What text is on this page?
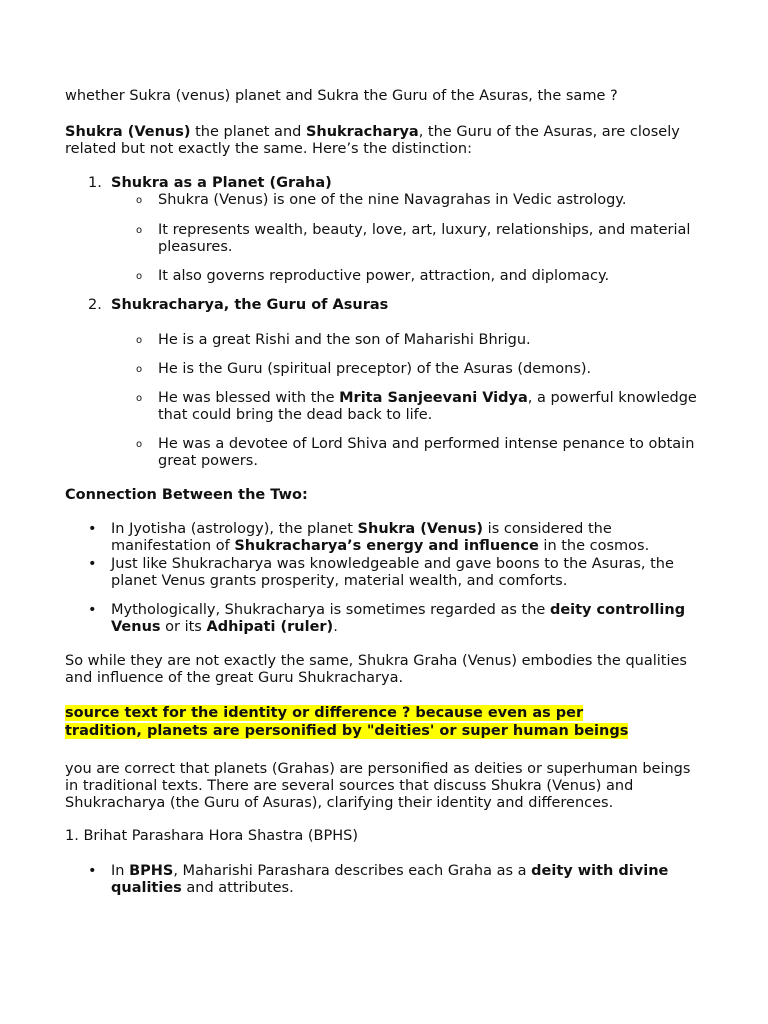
whether Sukra (venus) planet and Sukra the Guru of the Asuras, the same ?
Shukra (Venus) the planet and Shukracharya, the Guru of the Asuras, are closely related but not exactly the same. Here’s the distinction:
1. Shukra as a Planet (Graha)
o Shukra (Venus) is one of the nine Navagrahas in Vedic astrology.
o It represents wealth, beauty, love, art, luxury, relationships, and material pleasures.
o It also governs reproductive power, attraction, and diplomacy.
2. Shukracharya, the Guru of Asuras
o He is a great Rishi and the son of Maharishi Bhrigu.
o He is the Guru (spiritual preceptor) of the Asuras (demons).
o He was blessed with the Mrita Sanjeevani Vidya, a powerful knowledge that could bring the dead back to life.
o He was a devotee of Lord Shiva and performed intense penance to obtain great powers.
Connection Between the Two:
• In Jyotisha (astrology), the planet Shukra (Venus) is considered the manifestation of Shukracharya’s energy and influence in the cosmos.
• Just like Shukracharya was knowledgeable and gave boons to the Asuras, the planet Venus grants prosperity, material wealth, and comforts.
• Mythologically, Shukracharya is sometimes regarded as the deity controlling Venus or its Adhipati (ruler).
So while they are not exactly the same, Shukra Graha (Venus) embodies the qualities and influence of the great Guru Shukracharya.
source text for the identity or difference ? because even as per
tradition, planets are personified by "deities' or super human beings
you are correct that planets (Grahas) are personified as deities or superhuman beings in traditional texts. There are several sources that discuss Shukra (Venus) and Shukracharya (the Guru of Asuras), clarifying their identity and differences.
1. Brihat Parashara Hora Shastra (BPHS)
• In BPHS, Maharishi Parashara describes each Graha as a deity with divine qualities and attributes.
